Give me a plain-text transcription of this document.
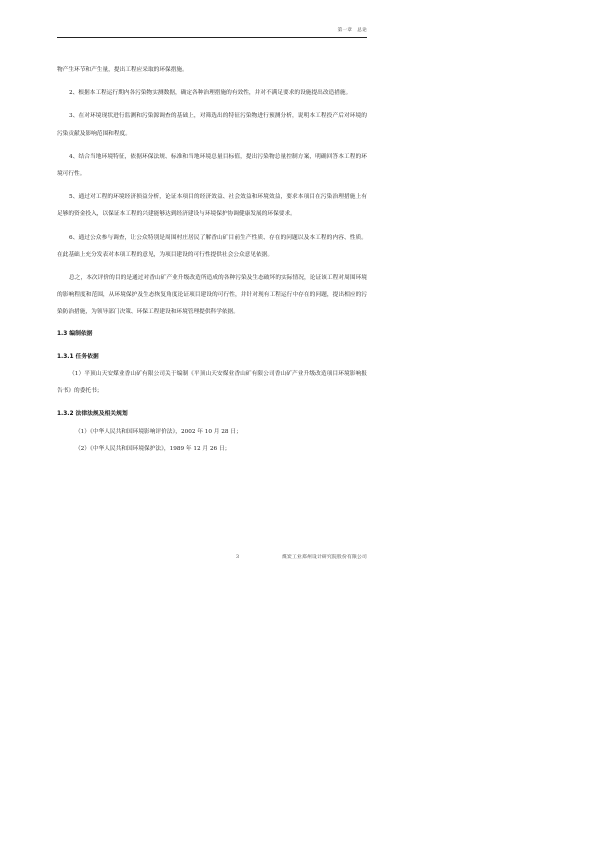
第一章　总论

物产生环节和产生量，提出工程应采取的环保措施。

2、根据本工程运行期内各污染物实测数据，确定各种治理措施的有效性，并对不满足要求的设施提出改造措施。

3、在对环境现状进行监测和污染源调查的基础上，对筛选出的特征污染物进行预测分析，说明本工程投产后对环境的污染贡献及影响范围和程度。

4、结合当地环境特征，依据环保法规、标准和当地环境总量目标值，提出污染物总量控制方案，明确回答本工程的环境可行性。

5、通过对工程的环境经济损益分析，论证本项目的经济效益、社会效益和环境效益，要求本项目在污染治理措施上有足够的资金投入，以保证本工程的兴建能够达到经济建设与环境保护协调健康发展的环保要求。

6、通过公众参与调查，让公众特别是周围村庄居民了解香山矿目前生产性质、存在的问题以及本工程的内容、性质。在此基础上充分发表对本项工程的意见，为项目建设的可行性提供社会公众意见依据。

总之，本次评价的目的是通过对香山矿产业升级改造所造成的各种污染及生态破坏的实际情况，论证该工程对周围环境的影响程度和范围，从环境保护及生态恢复角度论证项目建设的可行性，并针对现有工程运行中存在的问题，提出相应的污染防治措施，为领导部门决策、环保工程建设和环境管理提供科学依据。

1.3 编制依据

1.3.1 任务依据

（1）平顶山天安煤业香山矿有限公司关于编制《平顶山天安煤业香山矿有限公司香山矿产业升级改造项目环境影响报告书》的委托书；

1.3.2 法律法规及相关规划

（1）《中华人民共和国环境影响评价法》，2002 年 10 月 28 日；

（2）《中华人民共和国环境保护法》，1989 年 12 月 26 日；

3	煤炭工业郑州设计研究院股份有限公司
